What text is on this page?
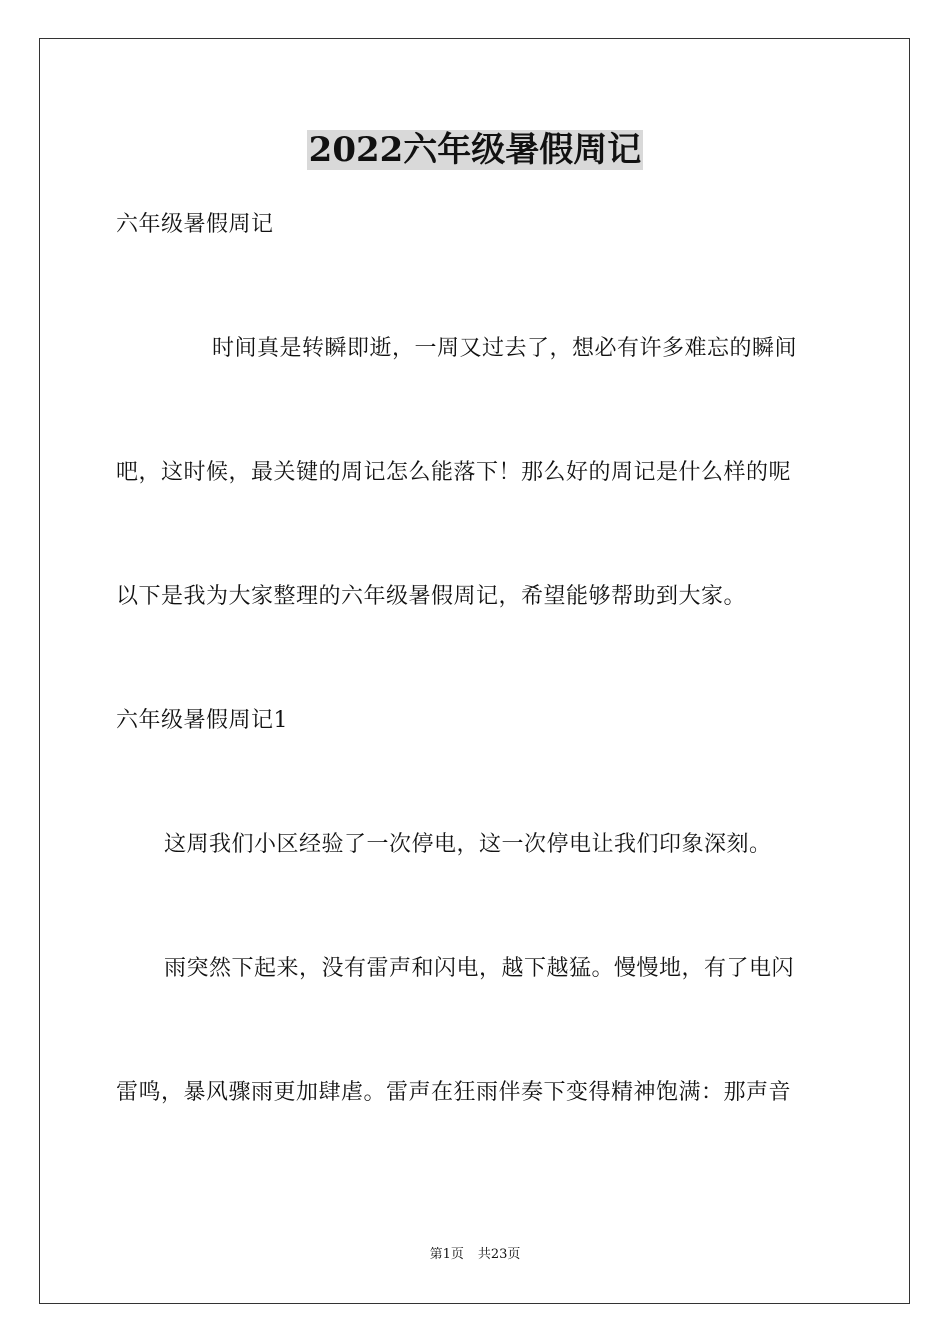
2022六年级暑假周记
六年级暑假周记
时间真是转瞬即逝，一周又过去了，想必有许多难忘的瞬间
吧，这时候，最关键的周记怎么能落下！那么好的周记是什么样的呢
以下是我为大家整理的六年级暑假周记，希望能够帮助到大家。
六年级暑假周记1
这周我们小区经验了一次停电，这一次停电让我们印象深刻。
雨突然下起来，没有雷声和闪电，越下越猛。慢慢地，有了电闪
雷鸣，暴风骤雨更加肆虐。雷声在狂雨伴奏下变得精神饱满：那声音
第1页 共23页
